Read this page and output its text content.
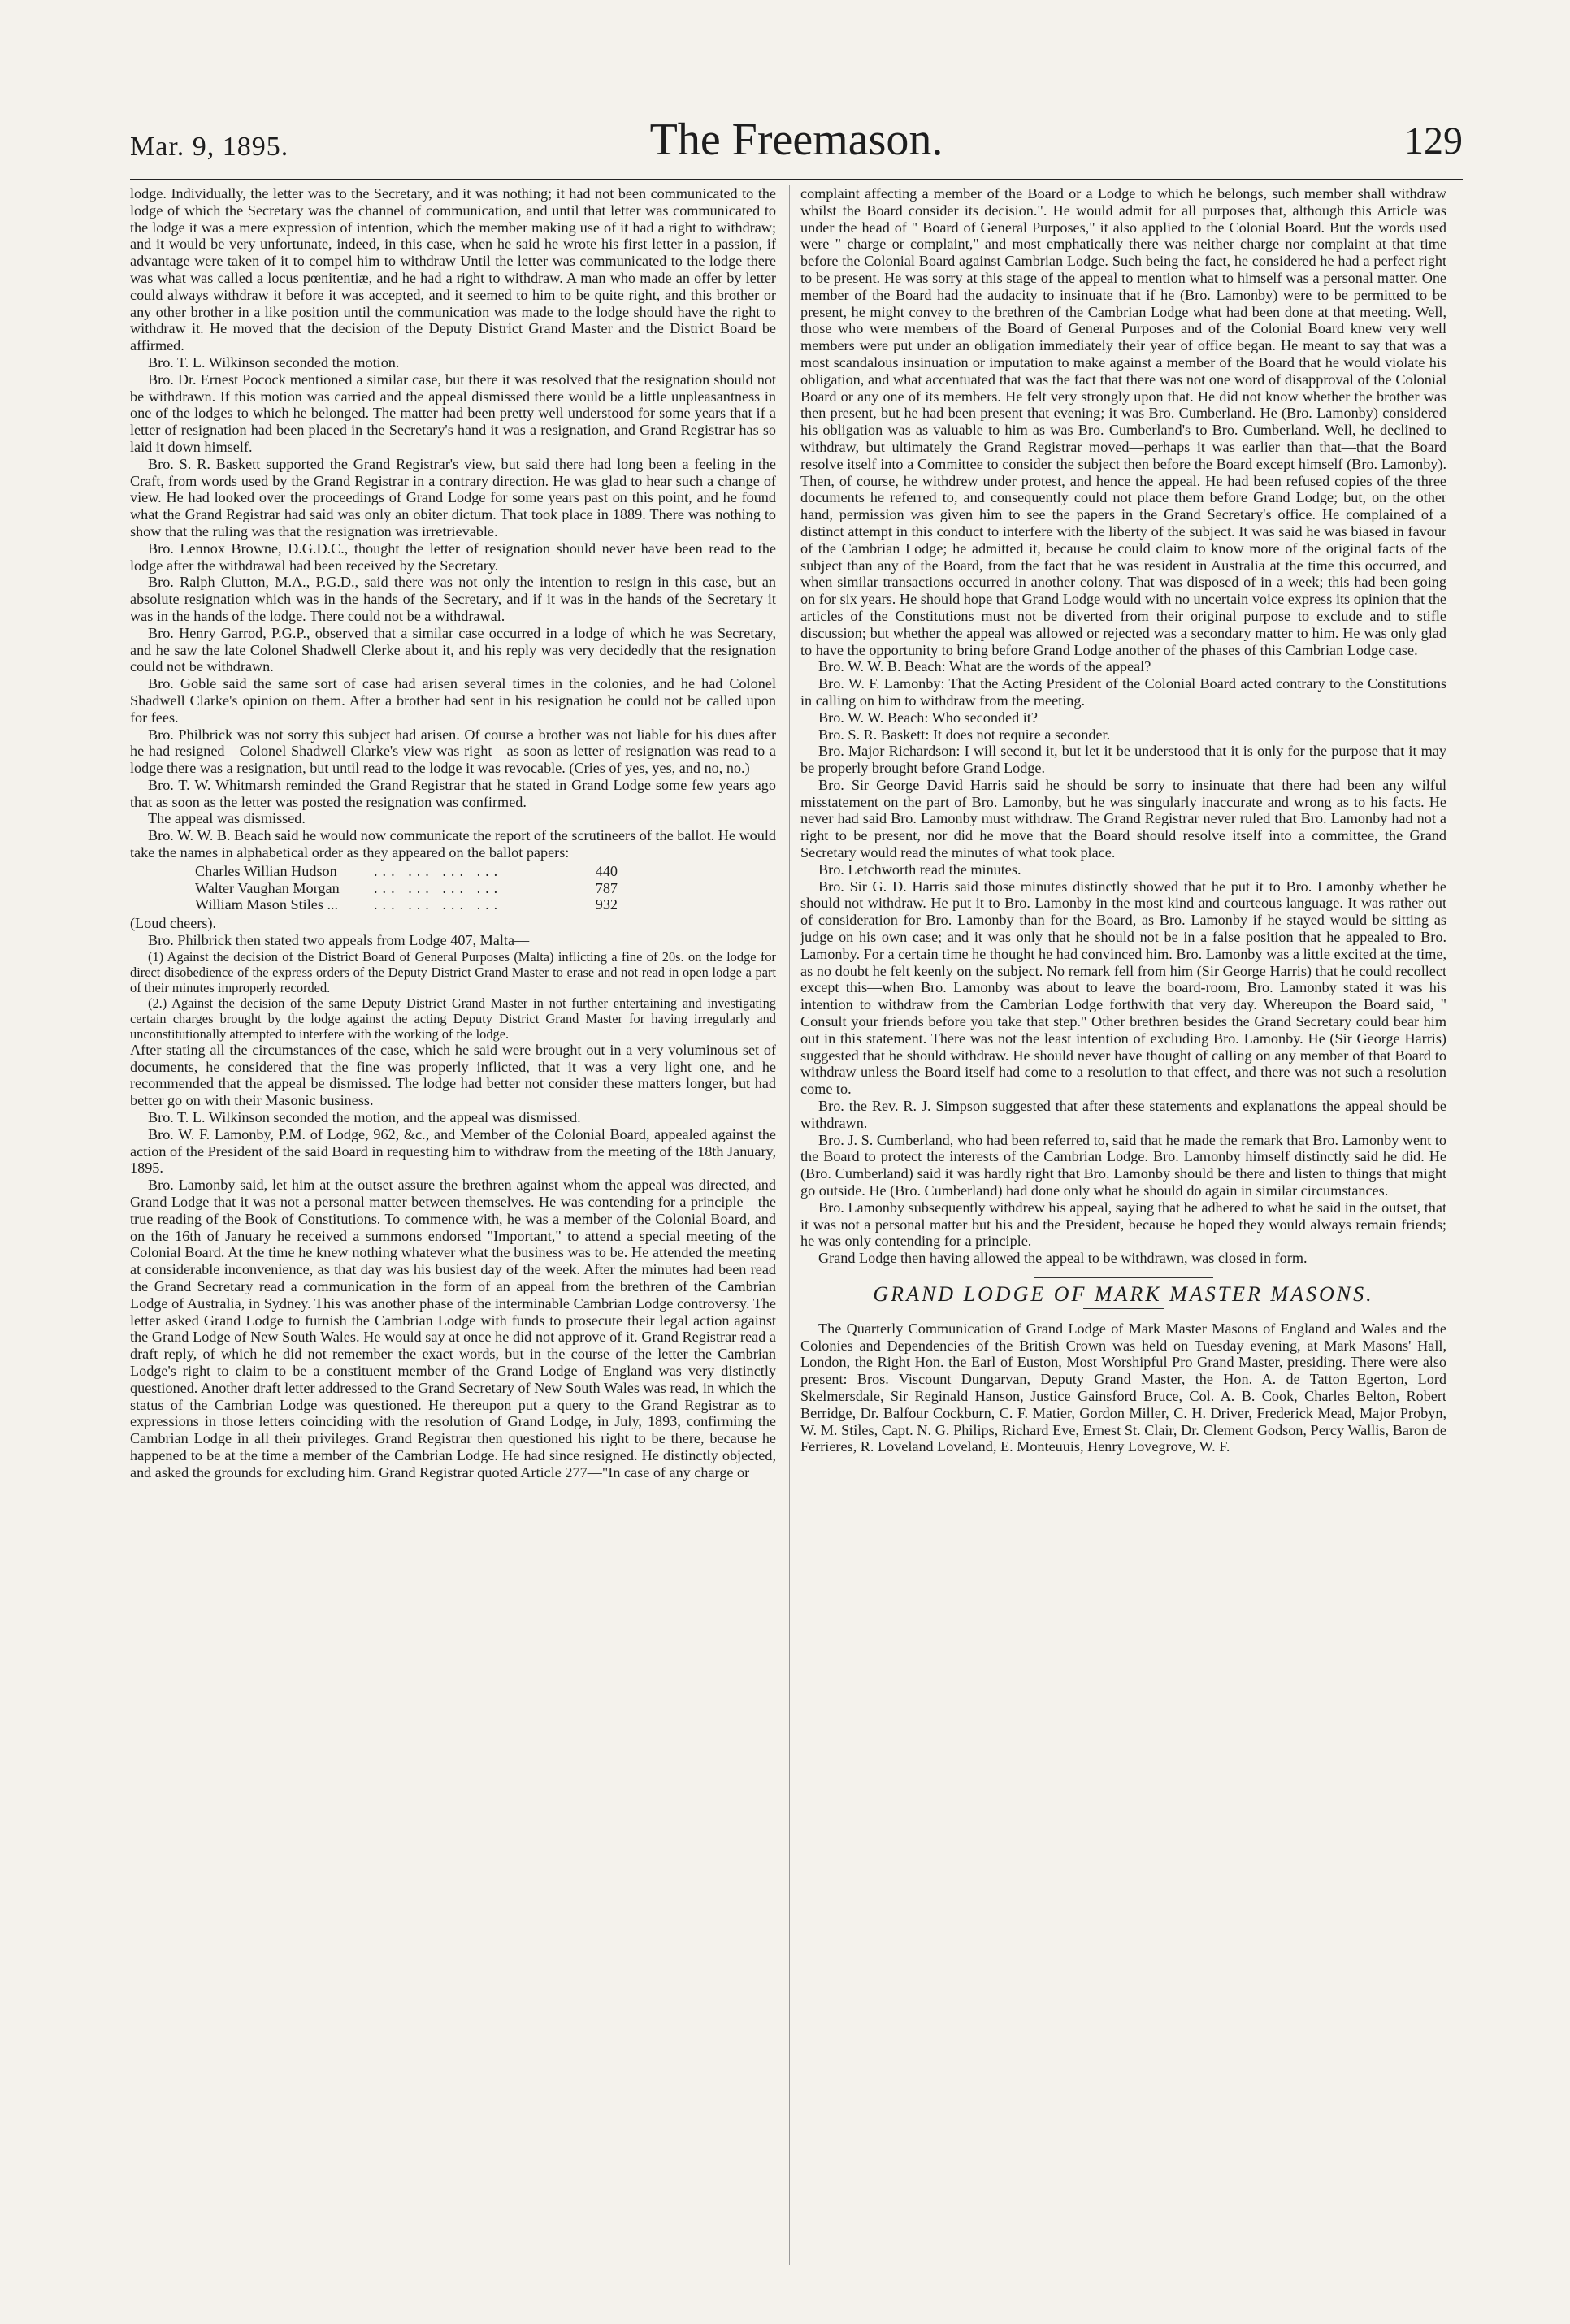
Mar. 9, 1895.	The Freemason.	129

lodge. Individually, the letter was to the Secretary, and it was nothing; it had not been communicated to the lodge of which the Secretary was the channel of communication, and until that letter was communicated to the lodge it was a mere expression of intention, which the member making use of it had a right to withdraw; and it would be very unfortunate, indeed, in this case, when he said he wrote his first letter in a passion, if advantage were taken of it to compel him to withdraw Until the letter was communicated to the lodge there was what was called a locus pœnitentiæ, and he had a right to withdraw. A man who made an offer by letter could always withdraw it before it was accepted, and it seemed to him to be quite right, and this brother or any other brother in a like position until the communication was made to the lodge should have the right to withdraw it. He moved that the decision of the Deputy District Grand Master and the District Board be affirmed.

Bro. T. L. Wilkinson seconded the motion.

Bro. Dr. Ernest Pocock mentioned a similar case, but there it was resolved that the resignation should not be withdrawn. If this motion was carried and the appeal dismissed there would be a little unpleasantness in one of the lodges to which he belonged. The matter had been pretty well understood for some years that if a letter of resignation had been placed in the Secretary's hand it was a resignation, and Grand Registrar has so laid it down himself.

Bro. S. R. Baskett supported the Grand Registrar's view, but said there had long been a feeling in the Craft, from words used by the Grand Registrar in a contrary direction. He was glad to hear such a change of view. He had looked over the proceedings of Grand Lodge for some years past on this point, and he found what the Grand Registrar had said was only an obiter dictum. That took place in 1889. There was nothing to show that the ruling was that the resignation was irretrievable.

Bro. Lennox Browne, D.G.D.C., thought the letter of resignation should never have been read to the lodge after the withdrawal had been received by the Secretary.

Bro. Ralph Clutton, M.A., P.G.D., said there was not only the intention to resign in this case, but an absolute resignation which was in the hands of the Secretary, and if it was in the hands of the Secretary it was in the hands of the lodge. There could not be a withdrawal.

Bro. Henry Garrod, P.G.P., observed that a similar case occurred in a lodge of which he was Secretary, and he saw the late Colonel Shadwell Clerke about it, and his reply was very decidedly that the resignation could not be withdrawn.

Bro. Goble said the same sort of case had arisen several times in the colonies, and he had Colonel Shadwell Clarke's opinion on them. After a brother had sent in his resignation he could not be called upon for fees.

Bro. Philbrick was not sorry this subject had arisen. Of course a brother was not liable for his dues after he had resigned—Colonel Shadwell Clarke's view was right—as soon as letter of resignation was read to a lodge there was a resignation, but until read to the lodge it was revocable. (Cries of yes, yes, and no, no.)

Bro. T. W. Whitmarsh reminded the Grand Registrar that he stated in Grand Lodge some few years ago that as soon as the letter was posted the resignation was confirmed.

The appeal was dismissed.

Bro. W. W. B. Beach said he would now communicate the report of the scrutineers of the ballot. He would take the names in alphabetical order as they appeared on the ballot papers:

Charles Willian Hudson	... ... ... ...	440
Walter Vaughan Morgan	... ... ... ...	787
William Mason Stiles ...	... ... ... ...	932

(Loud cheers).

Bro. Philbrick then stated two appeals from Lodge 407, Malta—

(1) Against the decision of the District Board of General Purposes (Malta) inflicting a fine of 20s. on the lodge for direct disobedience of the express orders of the Deputy District Grand Master to erase and not read in open lodge a part of their minutes improperly recorded.

(2.) Against the decision of the same Deputy District Grand Master in not further entertaining and investigating certain charges brought by the lodge against the acting Deputy District Grand Master for having irregularly and unconstitutionally attempted to interfere with the working of the lodge.

After stating all the circumstances of the case, which he said were brought out in a very voluminous set of documents, he considered that the fine was properly inflicted, that it was a very light one, and he recommended that the appeal be dismissed. The lodge had better not consider these matters longer, but had better go on with their Masonic business.

Bro. T. L. Wilkinson seconded the motion, and the appeal was dismissed.

Bro. W. F. Lamonby, P.M. of Lodge, 962, &c., and Member of the Colonial Board, appealed against the action of the President of the said Board in requesting him to withdraw from the meeting of the 18th January, 1895.

Bro. Lamonby said, let him at the outset assure the brethren against whom the appeal was directed, and Grand Lodge that it was not a personal matter between themselves. He was contending for a principle—the true reading of the Book of Constitutions. To commence with, he was a member of the Colonial Board, and on the 16th of January he received a summons endorsed "Important," to attend a special meeting of the Colonial Board. At the time he knew nothing whatever what the business was to be. He attended the meeting at considerable inconvenience, as that day was his busiest day of the week. After the minutes had been read the Grand Secretary read a communication in the form of an appeal from the brethren of the Cambrian Lodge of Australia, in Sydney. This was another phase of the interminable Cambrian Lodge controversy. The letter asked Grand Lodge to furnish the Cambrian Lodge with funds to prosecute their legal action against the Grand Lodge of New South Wales. He would say at once he did not approve of it. Grand Registrar read a draft reply, of which he did not remember the exact words, but in the course of the letter the Cambrian Lodge's right to claim to be a constituent member of the Grand Lodge of England was very distinctly questioned. Another draft letter addressed to the Grand Secretary of New South Wales was read, in which the status of the Cambrian Lodge was questioned. He thereupon put a query to the Grand Registrar as to expressions in those letters coinciding with the resolution of Grand Lodge, in July, 1893, confirming the Cambrian Lodge in all their privileges. Grand Registrar then questioned his right to be there, because he happened to be at the time a member of the Cambrian Lodge. He had since resigned. He distinctly objected, and asked the grounds for excluding him. Grand Registrar quoted Article 277—"In case of any charge or

complaint affecting a member of the Board or a Lodge to which he belongs, such member shall withdraw whilst the Board consider its decision.". He would admit for all purposes that, although this Article was under the head of " Board of General Purposes," it also applied to the Colonial Board. But the words used were " charge or complaint," and most emphatically there was neither charge nor complaint at that time before the Colonial Board against Cambrian Lodge. Such being the fact, he considered he had a perfect right to be present. He was sorry at this stage of the appeal to mention what to himself was a personal matter. One member of the Board had the audacity to insinuate that if he (Bro. Lamonby) were to be permitted to be present, he might convey to the brethren of the Cambrian Lodge what had been done at that meeting. Well, those who were members of the Board of General Purposes and of the Colonial Board knew very well members were put under an obligation immediately their year of office began. He meant to say that was a most scandalous insinuation or imputation to make against a member of the Board that he would violate his obligation, and what accentuated that was the fact that there was not one word of disapproval of the Colonial Board or any one of its members. He felt very strongly upon that. He did not know whether the brother was then present, but he had been present that evening; it was Bro. Cumberland. He (Bro. Lamonby) considered his obligation was as valuable to him as was Bro. Cumberland's to Bro. Cumberland. Well, he declined to withdraw, but ultimately the Grand Registrar moved—perhaps it was earlier than that—that the Board resolve itself into a Committee to consider the subject then before the Board except himself (Bro. Lamonby). Then, of course, he withdrew under protest, and hence the appeal. He had been refused copies of the three documents he referred to, and consequently could not place them before Grand Lodge; but, on the other hand, permission was given him to see the papers in the Grand Secretary's office. He complained of a distinct attempt in this conduct to interfere with the liberty of the subject. It was said he was biased in favour of the Cambrian Lodge; he admitted it, because he could claim to know more of the original facts of the subject than any of the Board, from the fact that he was resident in Australia at the time this occurred, and when similar transactions occurred in another colony. That was disposed of in a week; this had been going on for six years. He should hope that Grand Lodge would with no uncertain voice express its opinion that the articles of the Constitutions must not be diverted from their original purpose to exclude and to stifle discussion; but whether the appeal was allowed or rejected was a secondary matter to him. He was only glad to have the opportunity to bring before Grand Lodge another of the phases of this Cambrian Lodge case.

Bro. W. W. B. Beach: What are the words of the appeal?

Bro. W. F. Lamonby: That the Acting President of the Colonial Board acted contrary to the Constitutions in calling on him to withdraw from the meeting.

Bro. W. W. Beach: Who seconded it?

Bro. S. R. Baskett: It does not require a seconder.

Bro. Major Richardson: I will second it, but let it be understood that it is only for the purpose that it may be properly brought before Grand Lodge.

Bro. Sir George David Harris said he should be sorry to insinuate that there had been any wilful misstatement on the part of Bro. Lamonby, but he was singularly inaccurate and wrong as to his facts. He never had said Bro. Lamonby must withdraw. The Grand Registrar never ruled that Bro. Lamonby had not a right to be present, nor did he move that the Board should resolve itself into a committee, the Grand Secretary would read the minutes of what took place.

Bro. Letchworth read the minutes.

Bro. Sir G. D. Harris said those minutes distinctly showed that he put it to Bro. Lamonby whether he should not withdraw. He put it to Bro. Lamonby in the most kind and courteous language. It was rather out of consideration for Bro. Lamonby than for the Board, as Bro. Lamonby if he stayed would be sitting as judge on his own case; and it was only that he should not be in a false position that he appealed to Bro. Lamonby. For a certain time he thought he had convinced him. Bro. Lamonby was a little excited at the time, as no doubt he felt keenly on the subject. No remark fell from him (Sir George Harris) that he could recollect except this—when Bro. Lamonby was about to leave the board-room, Bro. Lamonby stated it was his intention to withdraw from the Cambrian Lodge forthwith that very day. Whereupon the Board said, " Consult your friends before you take that step." Other brethren besides the Grand Secretary could bear him out in this statement. There was not the least intention of excluding Bro. Lamonby. He (Sir George Harris) suggested that he should withdraw. He should never have thought of calling on any member of that Board to withdraw unless the Board itself had come to a resolution to that effect, and there was not such a resolution come to.

Bro. the Rev. R. J. Simpson suggested that after these statements and explanations the appeal should be withdrawn.

Bro. J. S. Cumberland, who had been referred to, said that he made the remark that Bro. Lamonby went to the Board to protect the interests of the Cambrian Lodge. Bro. Lamonby himself distinctly said he did. He (Bro. Cumberland) said it was hardly right that Bro. Lamonby should be there and listen to things that might go outside. He (Bro. Cumberland) had done only what he should do again in similar circumstances.

Bro. Lamonby subsequently withdrew his appeal, saying that he adhered to what he said in the outset, that it was not a personal matter but his and the President, because he hoped they would always remain friends; he was only contending for a principle.

Grand Lodge then having allowed the appeal to be withdrawn, was closed in form.

GRAND LODGE OF MARK MASTER MASONS.

The Quarterly Communication of Grand Lodge of Mark Master Masons of England and Wales and the Colonies and Dependencies of the British Crown was held on Tuesday evening, at Mark Masons' Hall, London, the Right Hon. the Earl of Euston, Most Worshipful Pro Grand Master, presiding. There were also present: Bros. Viscount Dungarvan, Deputy Grand Master, the Hon. A. de Tatton Egerton, Lord Skelmersdale, Sir Reginald Hanson, Justice Gainsford Bruce, Col. A. B. Cook, Charles Belton, Robert Berridge, Dr. Balfour Cockburn, C. F. Matier, Gordon Miller, C. H. Driver, Frederick Mead, Major Probyn, W. M. Stiles, Capt. N. G. Philips, Richard Eve, Ernest St. Clair, Dr. Clement Godson, Percy Wallis, Baron de Ferrieres, R. Loveland Loveland, E. Monteuuis, Henry Lovegrove, W. F.
